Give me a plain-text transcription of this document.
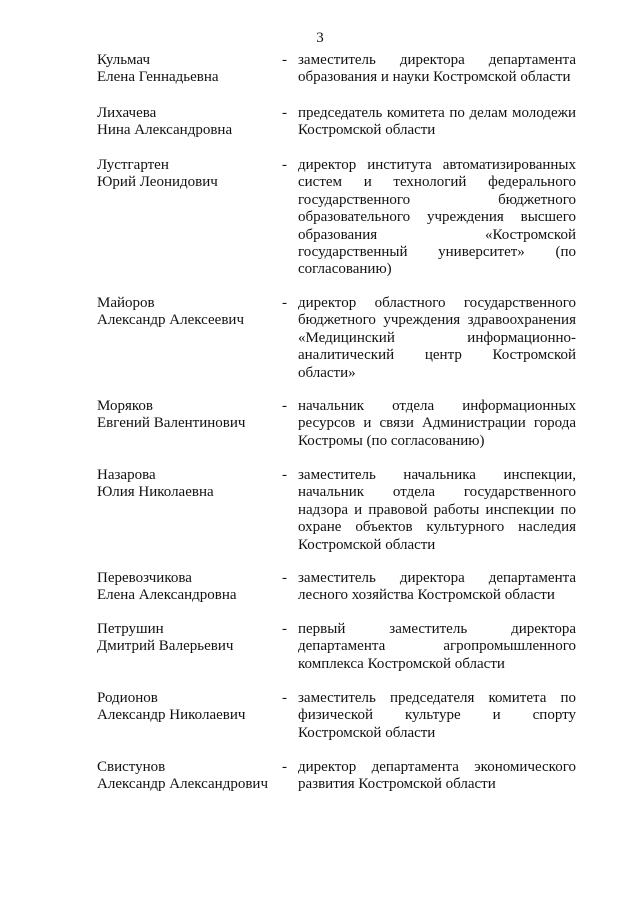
3
Кульмач
Елена Геннадьевна
- заместитель директора департамента
образования и науки Костромской области
Лихачева
Нина Александровна
- председатель комитета по делам молодежи
Костромской области
Лустгартен
Юрий Леонидович
- директор института автоматизированных
систем и технологий федерального
государственного бюджетного
образовательного учреждения высшего
образования «Костромской
государственный университет» (по
согласованию)
Майоров
Александр Алексеевич
- директор областного государственного
бюджетного учреждения здравоохранения
«Медицинский информационно-
аналитический центр Костромской
области»
Моряков
Евгений Валентинович
- начальник отдела информационных
ресурсов и связи Администрации города
Костромы (по согласованию)
Назарова
Юлия Николаевна
- заместитель начальника инспекции,
начальник отдела государственного
надзора и правовой работы инспекции по
охране объектов культурного наследия
Костромской области
Перевозчикова
Елена Александровна
- заместитель директора департамента
лесного хозяйства Костромской области
Петрушин
Дмитрий Валерьевич
- первый заместитель директора
департамента агропромышленного
комплекса Костромской области
Родионов
Александр Николаевич
- заместитель председателя комитета по
физической культуре и спорту
Костромской области
Свистунов
Александр Александрович
- директор департамента экономического
развития Костромской области
